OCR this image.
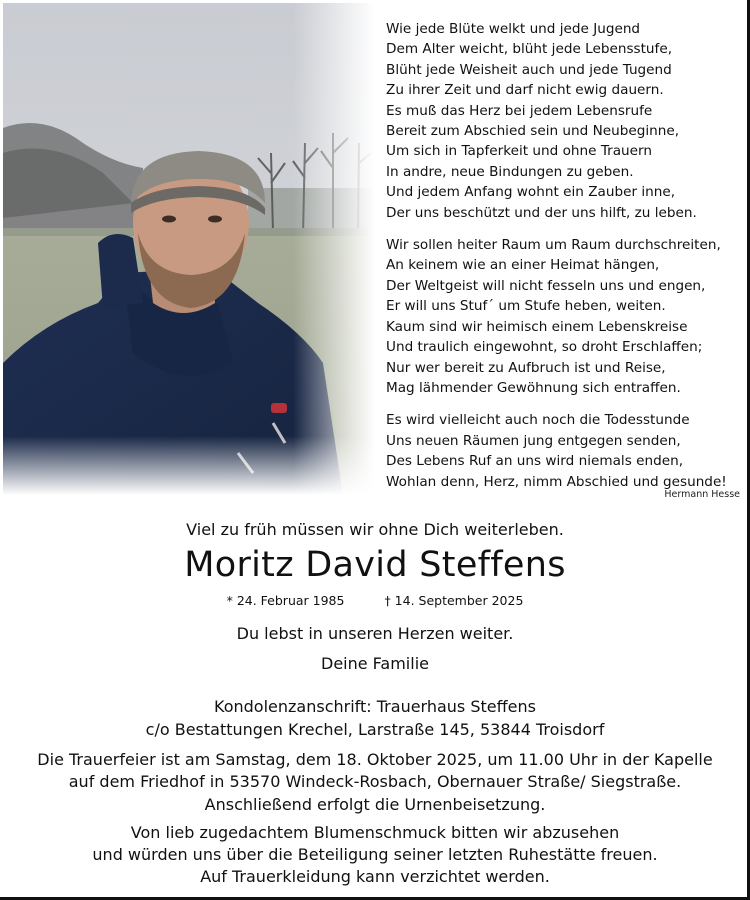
Wie jede Blüte welkt und jede Jugend
Dem Alter weicht, blüht jede Lebensstufe,
Blüht jede Weisheit auch und jede Tugend
Zu ihrer Zeit und darf nicht ewig dauern.
Es muß das Herz bei jedem Lebensrufe
Bereit zum Abschied sein und Neubeginne,
Um sich in Tapferkeit und ohne Trauern
In andre, neue Bindungen zu geben.
Und jedem Anfang wohnt ein Zauber inne,
Der uns beschützt und der uns hilft, zu leben.
Wir sollen heiter Raum um Raum durchschreiten,
An keinem wie an einer Heimat hängen,
Der Weltgeist will nicht fesseln uns und engen,
Er will uns Stuf´ um Stufe heben, weiten.
Kaum sind wir heimisch einem Lebenskreise
Und traulich eingewohnt, so droht Erschlaffen;
Nur wer bereit zu Aufbruch ist und Reise,
Mag lähmender Gewöhnung sich entraffen.
Es wird vielleicht auch noch die Todesstunde
Uns neuen Räumen jung entgegen senden,
Des Lebens Ruf an uns wird niemals enden,
Wohlan denn, Herz, nimm Abschied und gesunde!
Hermann Hesse
Viel zu früh müssen wir ohne Dich weiterleben.
Moritz David Steffens
* 24. Februar 1985	† 14. September 2025
Du lebst in unseren Herzen weiter.
Deine Familie
Kondolenzanschrift: Trauerhaus Steffens
c/o Bestattungen Krechel, Larstraße 145, 53844 Troisdorf
Die Trauerfeier ist am Samstag, dem 18. Oktober 2025, um 11.00 Uhr in der Kapelle
auf dem Friedhof in 53570 Windeck-Rosbach, Obernauer Straße/ Siegstraße.
Anschließend erfolgt die Urnenbeisetzung.
Von lieb zugedachtem Blumenschmuck bitten wir abzusehen
und würden uns über die Beteiligung seiner letzten Ruhestätte freuen.
Auf Trauerkleidung kann verzichtet werden.
